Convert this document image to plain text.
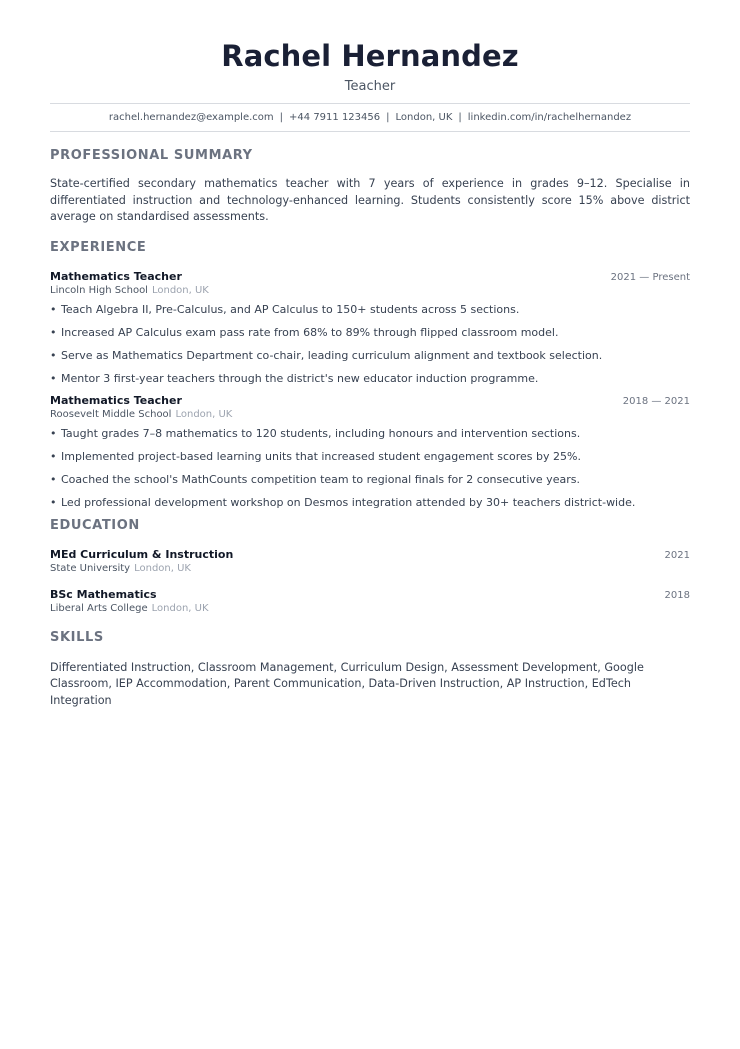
Rachel Hernandez
Teacher
rachel.hernandez@example.com | +44 7911 123456 | London, UK | linkedin.com/in/rachelhernandez
PROFESSIONAL SUMMARY
State-certified secondary mathematics teacher with 7 years of experience in grades 9–12. Specialise in differentiated instruction and technology-enhanced learning. Students consistently score 15% above district average on standardised assessments.
EXPERIENCE
Mathematics Teacher	2021 — Present
Lincoln High School London, UK
• Teach Algebra II, Pre-Calculus, and AP Calculus to 150+ students across 5 sections.
• Increased AP Calculus exam pass rate from 68% to 89% through flipped classroom model.
• Serve as Mathematics Department co-chair, leading curriculum alignment and textbook selection.
• Mentor 3 first-year teachers through the district's new educator induction programme.
Mathematics Teacher	2018 — 2021
Roosevelt Middle School London, UK
• Taught grades 7–8 mathematics to 120 students, including honours and intervention sections.
• Implemented project-based learning units that increased student engagement scores by 25%.
• Coached the school's MathCounts competition team to regional finals for 2 consecutive years.
• Led professional development workshop on Desmos integration attended by 30+ teachers district-wide.
EDUCATION
MEd Curriculum & Instruction	2021
State University London, UK
BSc Mathematics	2018
Liberal Arts College London, UK
SKILLS
Differentiated Instruction, Classroom Management, Curriculum Design, Assessment Development, Google Classroom, IEP Accommodation, Parent Communication, Data-Driven Instruction, AP Instruction, EdTech Integration
